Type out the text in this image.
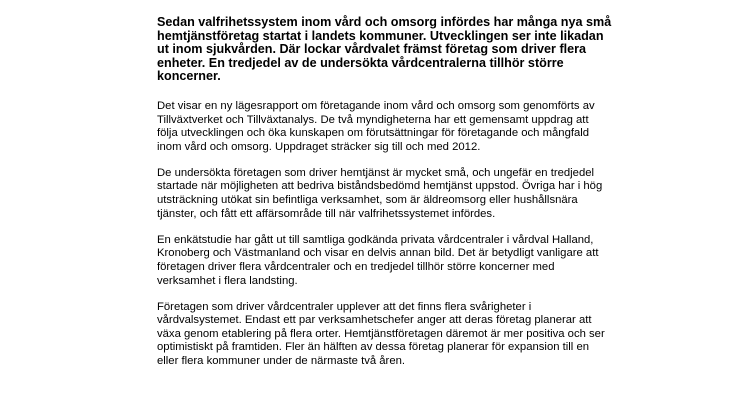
Sedan valfrihetssystem inom vård och omsorg infördes har många nya små
hemtjänstföretag startat i landets kommuner. Utvecklingen ser inte likadan
ut inom sjukvården. Där lockar vårdvalet främst företag som driver flera
enheter. En tredjedel av de undersökta vårdcentralerna tillhör större
koncerner.
Det visar en ny lägesrapport om företagande inom vård och omsorg som genomförts av
Tillväxtverket och Tillväxtanalys. De två myndigheterna har ett gemensamt uppdrag att
följa utvecklingen och öka kunskapen om förutsättningar för företagande och mångfald
inom vård och omsorg. Uppdraget sträcker sig till och med 2012.
De undersökta företagen som driver hemtjänst är mycket små, och ungefär en tredjedel
startade när möjligheten att bedriva biståndsbedömd hemtjänst uppstod. Övriga har i hög
utsträckning utökat sin befintliga verksamhet, som är äldreomsorg eller hushållsnära
tjänster, och fått ett affärsområde till när valfrihetssystemet infördes.
En enkätstudie har gått ut till samtliga godkända privata vårdcentraler i vårdval Halland,
Kronoberg och Västmanland och visar en delvis annan bild. Det är betydligt vanligare att
företagen driver flera vårdcentraler och en tredjedel tillhör större koncerner med
verksamhet i flera landsting.
Företagen som driver vårdcentraler upplever att det finns flera svårigheter i
vårdvalsystemet. Endast ett par verksamhetschefer anger att deras företag planerar att
växa genom etablering på flera orter. Hemtjänstföretagen däremot är mer positiva och ser
optimistiskt på framtiden. Fler än hälften av dessa företag planerar för expansion till en
eller flera kommuner under de närmaste två åren.
